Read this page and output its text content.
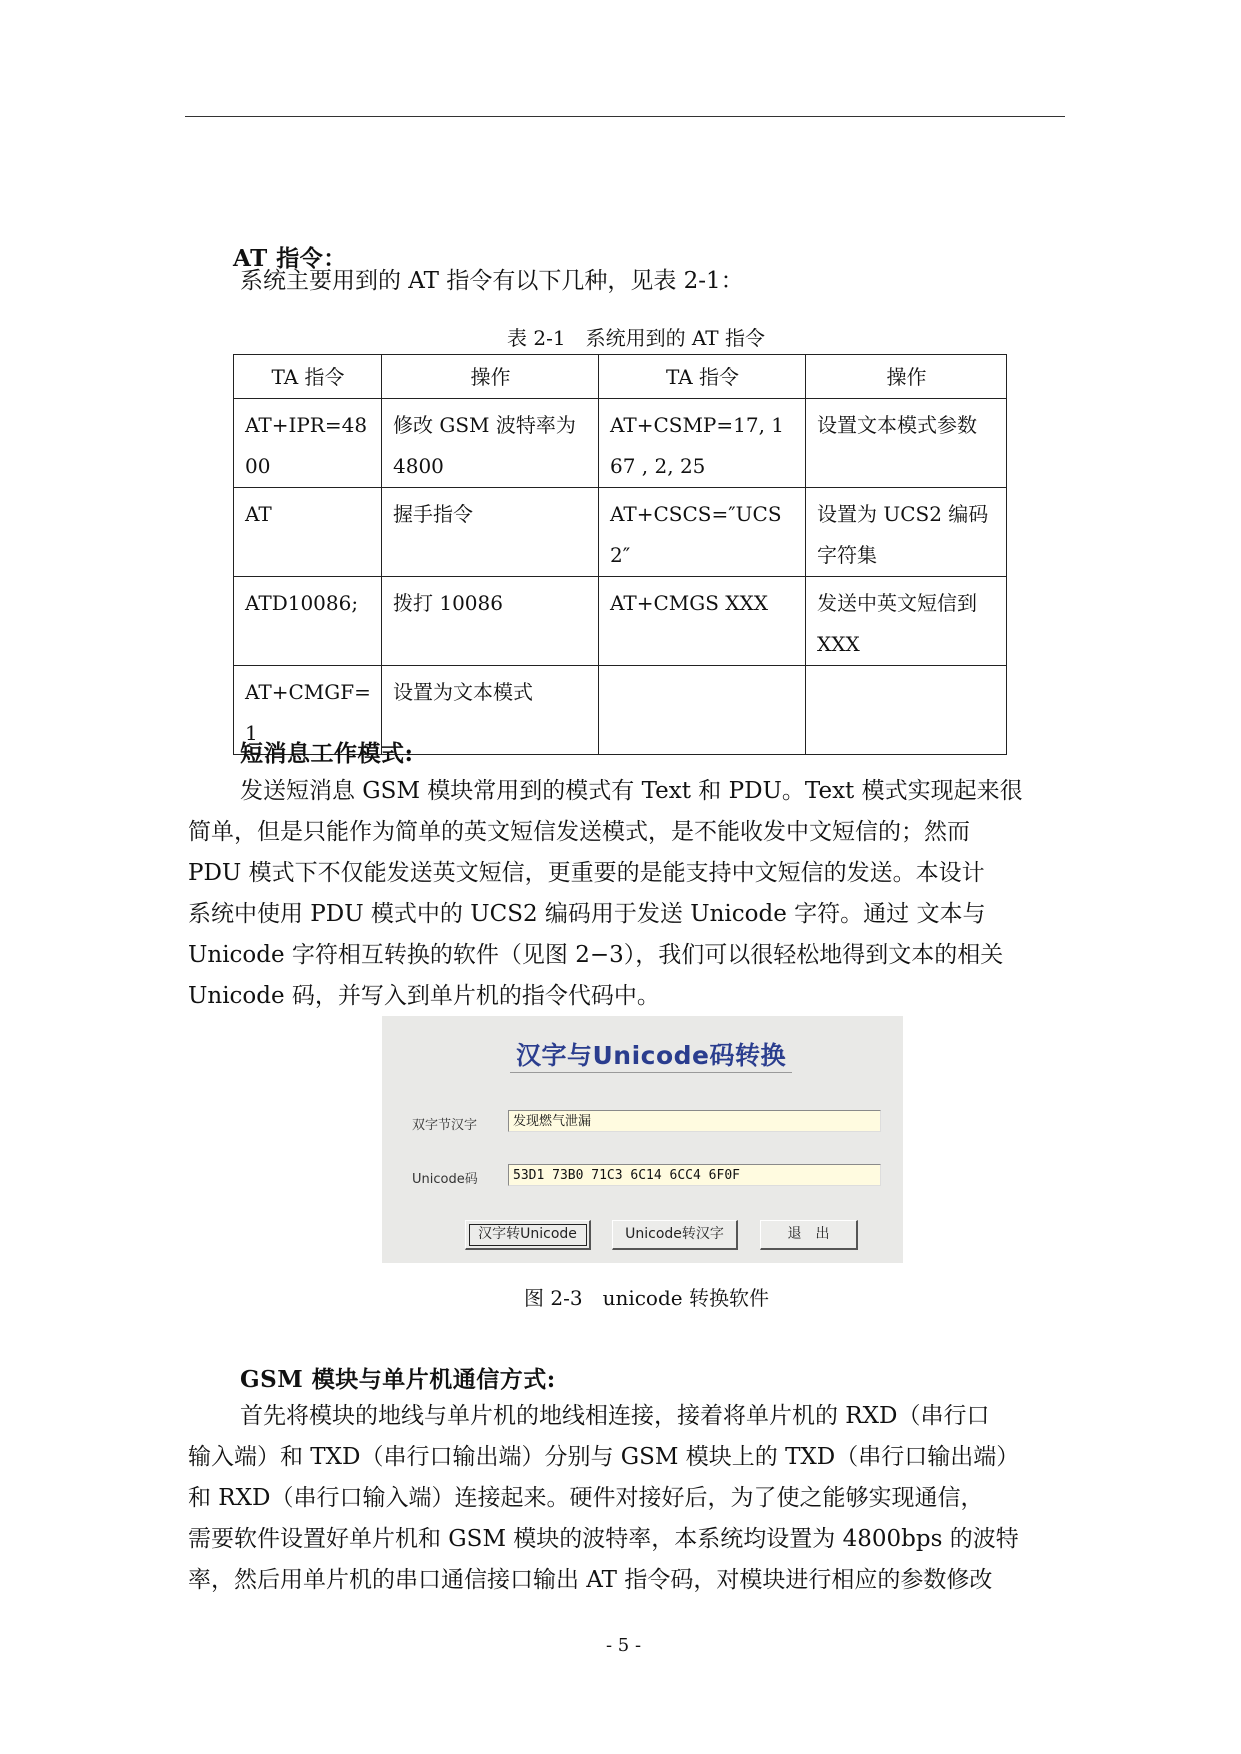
AT 指令：
系统主要用到的 AT 指令有以下几种，见表 2-1：
表 2-1　系统用到的 AT 指令
TA 指令	操作	TA 指令	操作
AT+IPR=4800	修改 GSM 波特率为 4800	AT+CSMP=17, 167 , 2, 25	设置文本模式参数
AT	握手指令	AT+CSCS=″UCS2″	设置为 UCS2 编码字符集
ATD10086;	拨打 10086	AT+CMGS XXX	发送中英文短信到 XXX
AT+CMGF=1	设置为文本模式		
短消息工作模式:
发送短消息 GSM 模块常用到的模式有 Text 和 PDU。Text 模式实现起来很
简单，但是只能作为简单的英文短信发送模式，是不能收发中文短信的；然而
PDU 模式下不仅能发送英文短信，更重要的是能支持中文短信的发送。本设计
系统中使用 PDU 模式中的 UCS2 编码用于发送 Unicode 字符。通过 文本与
Unicode 字符相互转换的软件（见图 2−3），我们可以很轻松地得到文本的相关
Unicode 码，并写入到单片机的指令代码中。
汉字与Unicode码转换
双字节汉字	发现燃气泄漏
Unicode码	53D1 73B0 71C3 6C14 6CC4 6F0F
汉字转Unicode	Unicode转汉字	退　出
图 2-3　unicode 转换软件
GSM 模块与单片机通信方式:
首先将模块的地线与单片机的地线相连接，接着将单片机的 RXD（串行口
输入端）和 TXD（串行口输出端）分别与 GSM 模块上的 TXD（串行口输出端）
和 RXD（串行口输入端）连接起来。硬件对接好后，为了使之能够实现通信，
需要软件设置好单片机和 GSM 模块的波特率，本系统均设置为 4800bps 的波特
率，然后用单片机的串口通信接口输出 AT 指令码，对模块进行相应的参数修改
- 5 -
